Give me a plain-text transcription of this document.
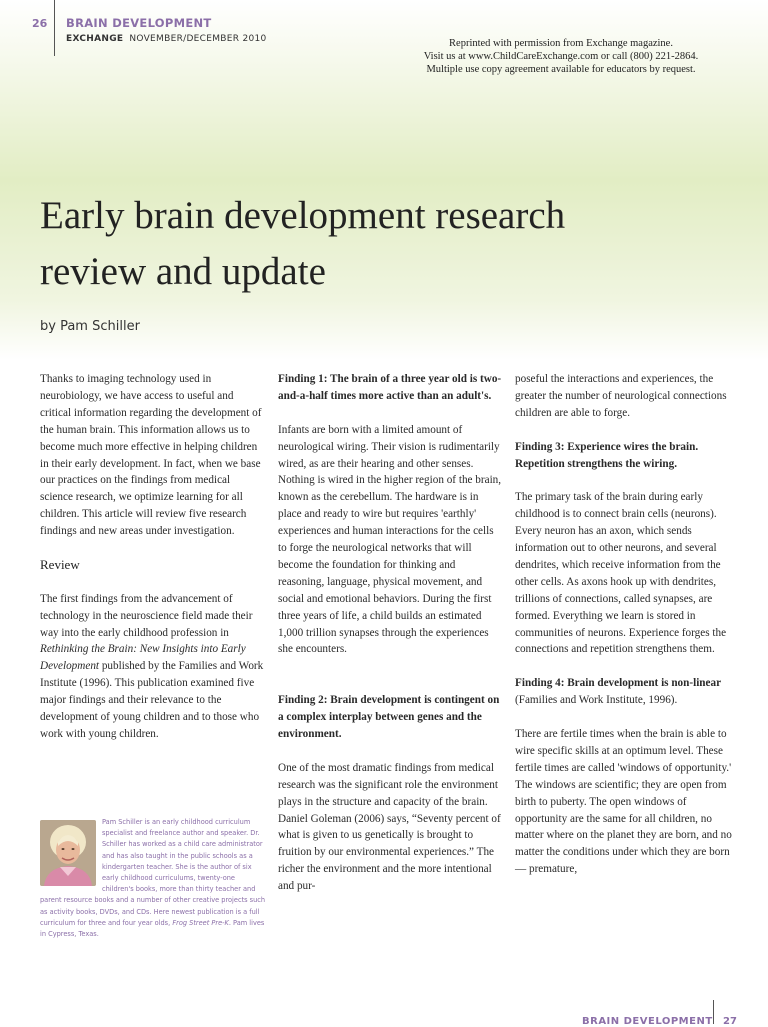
26 BRAIN DEVELOPMENT
EXCHANGE NOVEMBER/DECEMBER 2010	Reprinted with permission from Exchange magazine.
Visit us at www.ChildCareExchange.com or call (800) 221-2864.
Multiple use copy agreement available for educators by request.
Early brain development research
review and update
by Pam Schiller

Thanks to imaging technology used in neurobiology, we have access to useful and critical information regarding the development of the human brain. This information allows us to become much more effective in helping children in their early development. In fact, when we base our practices on the findings from medical science research, we optimize learning for all children. This article will review five research findings and new areas under investigation.

Review

The first findings from the advancement of technology in the neuroscience field made their way into the early childhood profession in Rethinking the Brain: New Insights into Early Development published by the Families and Work Institute (1996). This publication examined five major findings and their relevance to the development of young children and to those who work with young children.

Pam Schiller is an early childhood curriculum specialist and freelance author and speaker. Dr. Schiller has worked as a child care administrator and has also taught in the public schools as a kindergarten teacher. She is the author of six early childhood curriculums, twenty-one children's books, more than thirty teacher and parent resource books and a number of other creative projects such as activity books, DVDs, and CDs. Here newest publication is a full curriculum for three and four year olds, Frog Street Pre-K. Pam lives in Cypress, Texas.
Finding 1: The brain of a three year old is two-and-a-half times more active than an adult's.

Infants are born with a limited amount of neurological wiring. Their vision is rudimentarily wired, as are their hearing and other senses. Nothing is wired in the higher region of the brain, known as the cerebellum. The hardware is in place and ready to wire but requires 'earthly' experiences and human interactions for the cells to forge the neurological networks that will become the foundation for thinking and reasoning, language, physical movement, and social and emotional behaviors. During the first three years of life, a child builds an estimated 1,000 trillion synapses through the experiences she encounters.

Finding 2: Brain development is contingent on a complex interplay between genes and the environment.

One of the most dramatic findings from medical research was the significant role the environment plays in the structure and capacity of the brain. Daniel Goleman (2006) says, “Seventy percent of what is given to us genetically is brought to fruition by our environmental experiences.” The richer the environment and the more intentional and pur-

poseful the interactions and experiences, the greater the number of neurological connections children are able to forge.

Finding 3: Experience wires the brain. Repetition strengthens the wiring.

The primary task of the brain during early childhood is to connect brain cells (neurons). Every neuron has an axon, which sends information out to other neurons, and several dendrites, which receive information from the other cells. As axons hook up with dendrites, trillions of connections, called synapses, are formed. Everything we learn is stored in communities of neurons. Experience forges the connections and repetition strengthens them.

Finding 4: Brain development is non-linear (Families and Work Institute, 1996).

There are fertile times when the brain is able to wire specific skills at an optimum level. These fertile times are called 'windows of opportunity.' The windows are scientific; they are open from birth to puberty. The open windows of opportunity are the same for all children, no matter where on the planet they are born, and no matter the conditions under which they are born — premature,

BRAIN DEVELOPMENT 27
